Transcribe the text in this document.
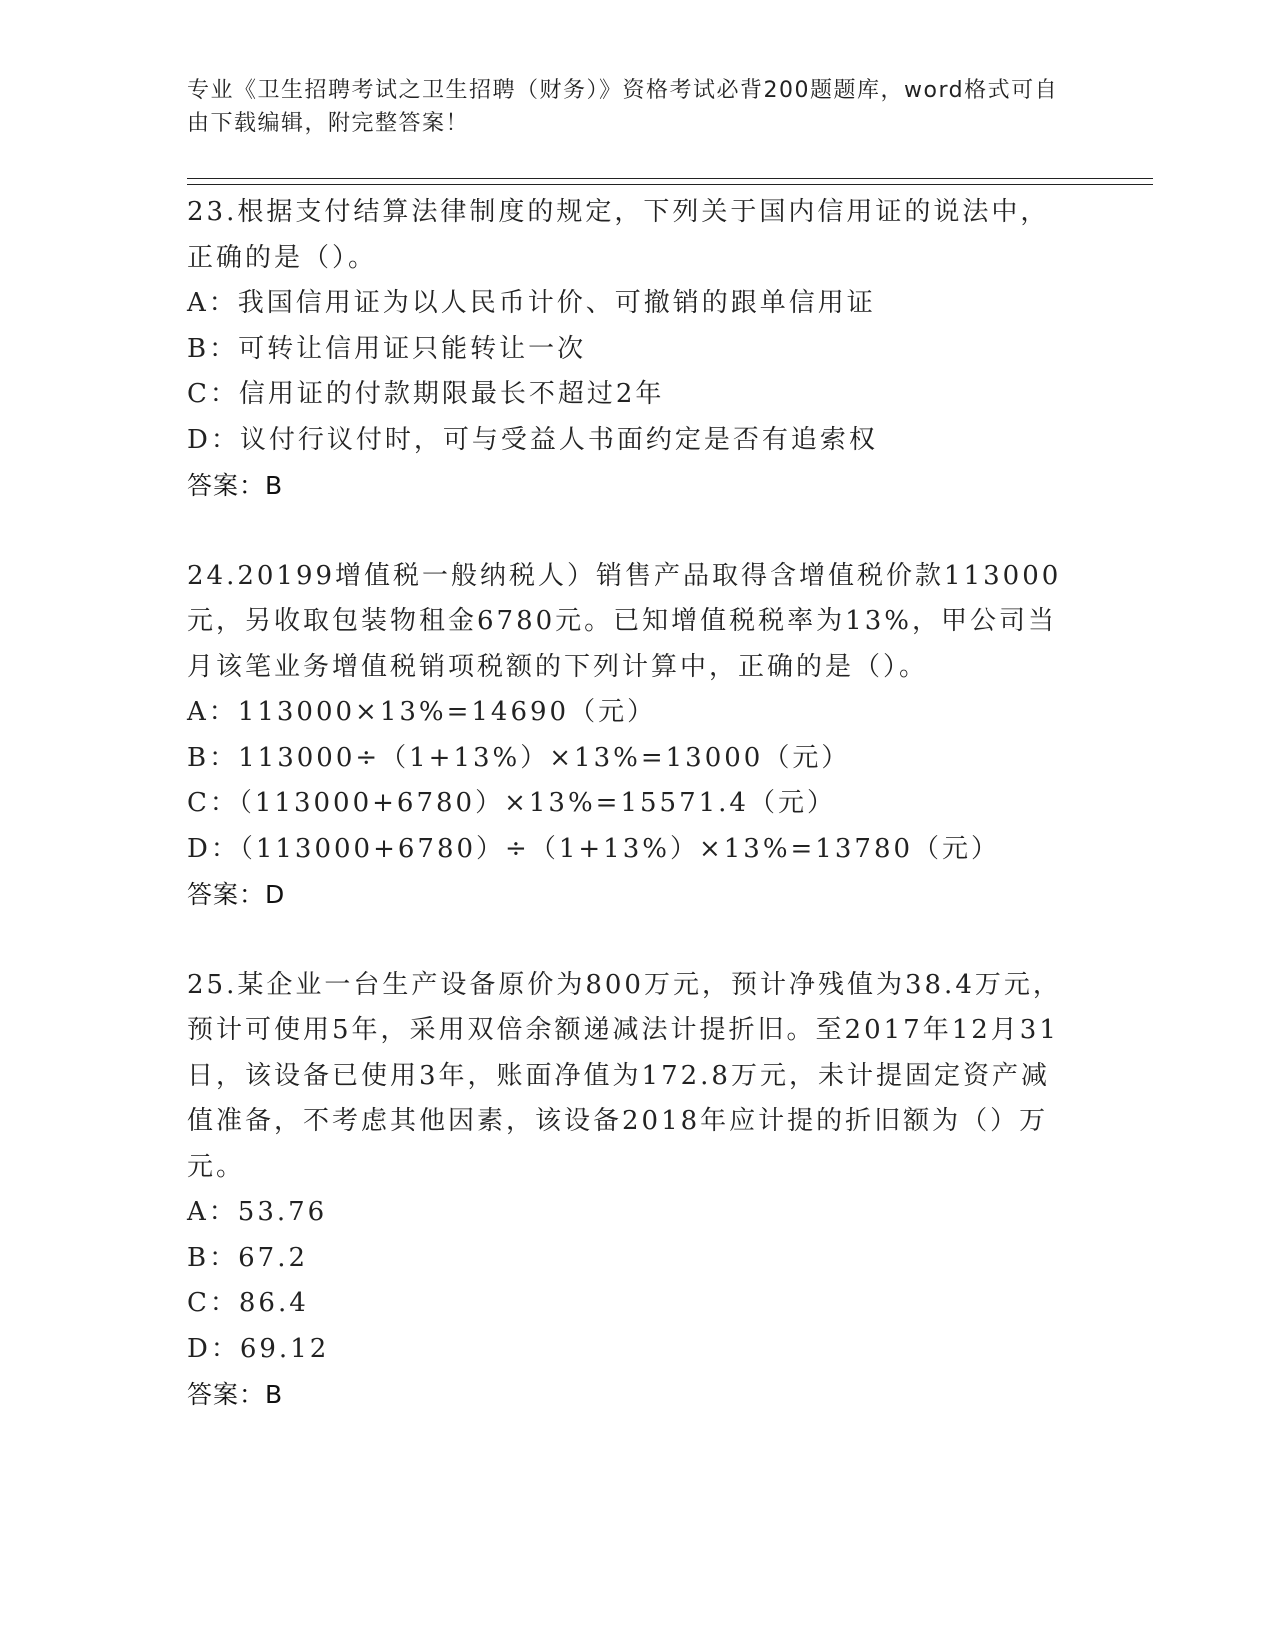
专业《卫生招聘考试之卫生招聘（财务）》资格考试必背200题题库，word格式可自由下载编辑，附完整答案！
23.根据支付结算法律制度的规定，下列关于国内信用证的说法中，正确的是（）。
A：我国信用证为以人民币计价、可撤销的跟单信用证
B：可转让信用证只能转让一次
C：信用证的付款期限最长不超过2年
D：议付行议付时，可与受益人书面约定是否有追索权
答案：B
24.20199增值税一般纳税人）销售产品取得含增值税价款113000元，另收取包装物租金6780元。已知增值税税率为13%，甲公司当月该笔业务增值税销项税额的下列计算中，正确的是（）。
A：113000×13%=14690（元）
B：113000÷（1+13%）×13%=13000（元）
C：（113000+6780）×13%=15571.4（元）
D：（113000+6780）÷（1+13%）×13%=13780（元）
答案：D
25.某企业一台生产设备原价为800万元，预计净残值为38.4万元，预计可使用5年，采用双倍余额递减法计提折旧。至2017年12月31日，该设备已使用3年，账面净值为172.8万元，未计提固定资产减值准备，不考虑其他因素，该设备2018年应计提的折旧额为（）万元。
A：53.76
B：67.2
C：86.4
D：69.12
答案：B
